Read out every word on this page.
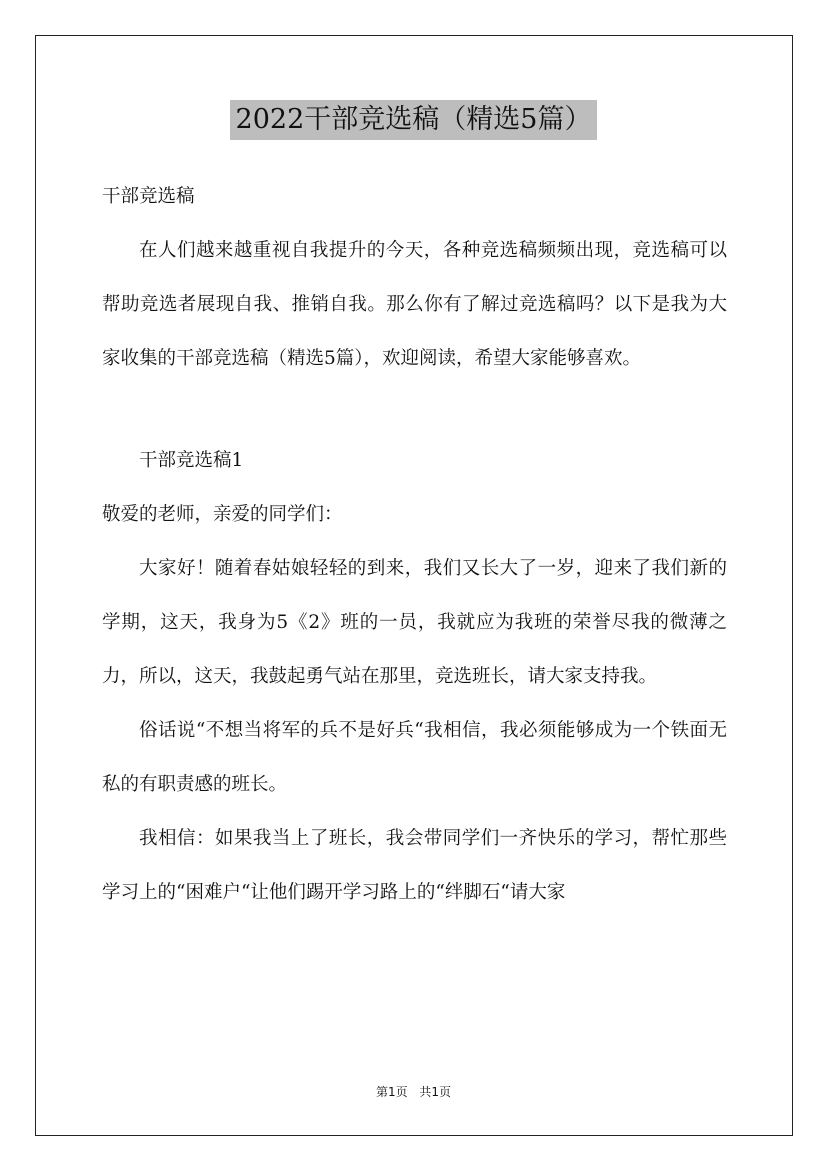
2022干部竞选稿（精选5篇）

干部竞选稿

在人们越来越重视自我提升的今天，各种竞选稿频频出现，竞选稿可以帮助竞选者展现自我、推销自我。那么你有了解过竞选稿吗？以下是我为大家收集的干部竞选稿（精选5篇），欢迎阅读，希望大家能够喜欢。

干部竞选稿1

敬爱的老师，亲爱的同学们：

大家好！随着春姑娘轻轻的到来，我们又长大了一岁，迎来了我们新的学期，这天，我身为5《2》班的一员，我就应为我班的荣誉尽我的微薄之力，所以，这天，我鼓起勇气站在那里，竞选班长，请大家支持我。

俗话说“不想当将军的兵不是好兵“我相信，我必须能够成为一个铁面无私的有职责感的班长。

我相信：如果我当上了班长，我会带同学们一齐快乐的学习，帮忙那些学习上的“困难户“让他们踢开学习路上的“绊脚石“请大家

第1页 共1页
